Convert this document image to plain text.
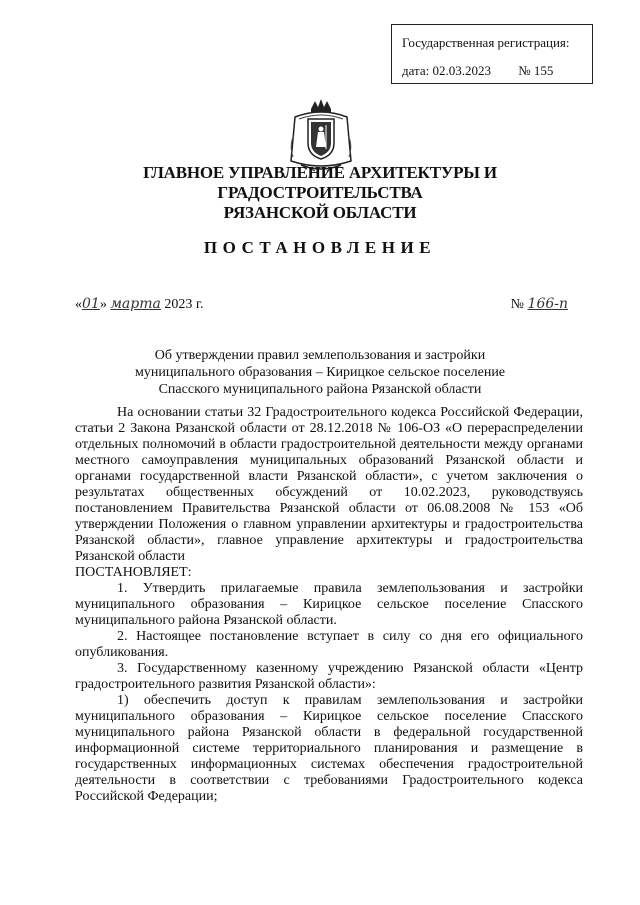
Государственная регистрация:
дата: 02.03.2023 № 155
ГЛАВНОЕ УПРАВЛЕНИЕ АРХИТЕКТУРЫ И ГРАДОСТРОИТЕЛЬСТВА
РЯЗАНСКОЙ ОБЛАСТИ
ПОСТАНОВЛЕНИЕ
«01» марта 2023 г.	№ 166-п
Об утверждении правил землепользования и застройки
муниципального образования – Кирицкое сельское поселение
Спасского муниципального района Рязанской области

На основании статьи 32 Градостроительного кодекса Российской Федерации, статьи 2 Закона Рязанской области от 28.12.2018 № 106-ОЗ «О перераспределении отдельных полномочий в области градостроительной деятельности между органами местного самоуправления муниципальных образований Рязанской области и органами государственной власти Рязанской области», с учетом заключения о результатах общественных обсуждений от 10.02.2023, руководствуясь постановлением Правительства Рязанской области от 06.08.2008 № 153 «Об утверждении Положения о главном управлении архитектуры и градостроительства Рязанской области», главное управление архитектуры и градостроительства Рязанской области

ПОСТАНОВЛЯЕТ:

1. Утвердить прилагаемые правила землепользования и застройки муниципального образования – Кирицкое сельское поселение Спасского муниципального района Рязанской области.

2. Настоящее постановление вступает в силу со дня его официального опубликования.

3. Государственному казенному учреждению Рязанской области «Центр градостроительного развития Рязанской области»:

1) обеспечить доступ к правилам землепользования и застройки муниципального образования – Кирицкое сельское поселение Спасского муниципального района Рязанской области в федеральной государственной информационной системе территориального планирования и размещение в государственных информационных системах обеспечения градостроительной деятельности в соответствии с требованиями Градостроительного кодекса Российской Федерации;
